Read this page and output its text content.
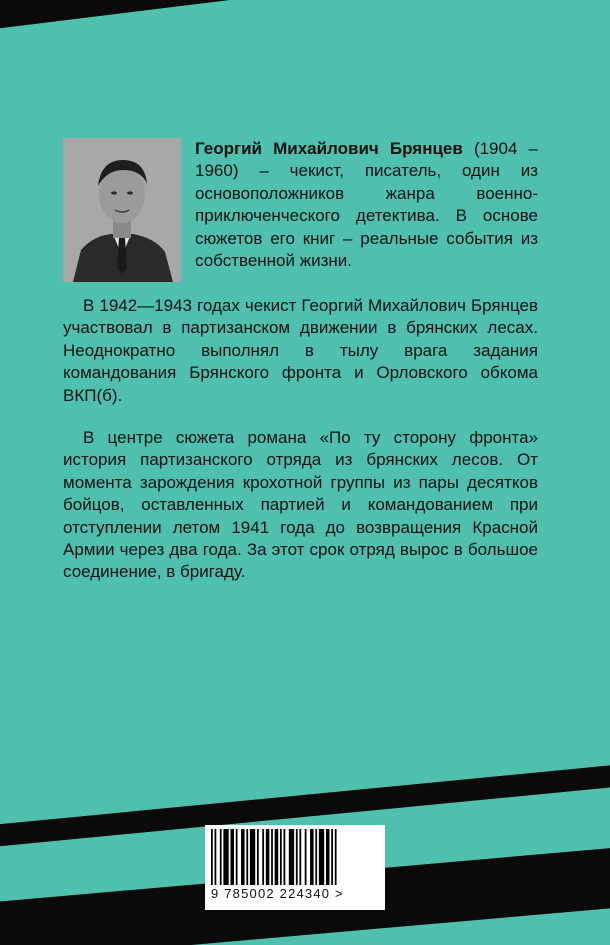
Георгий Михайлович Брянцев (1904 – 1960) – чекист, писатель, один из основоположников жанра военно-приключенческого детектива. В основе сюжетов его книг – реальные события из собственной жизни.
В 1942—1943 годах чекист Георгий Михайлович Брянцев участвовал в партизанском движении в брянских лесах. Неоднократно выполнял в тылу врага задания командования Брянского фронта и Орловского обкома ВКП(б).
В центре сюжета романа «По ту сторону фронта» история партизанского отряда из брянских лесов. От момента зарождения крохотной группы из пары десятков бойцов, оставленных партией и командованием при отступлении летом 1941 года до возвращения Красной Армии через два года. За этот срок отряд вырос в большое соединение, в бригаду.
9 785002 224340 >
